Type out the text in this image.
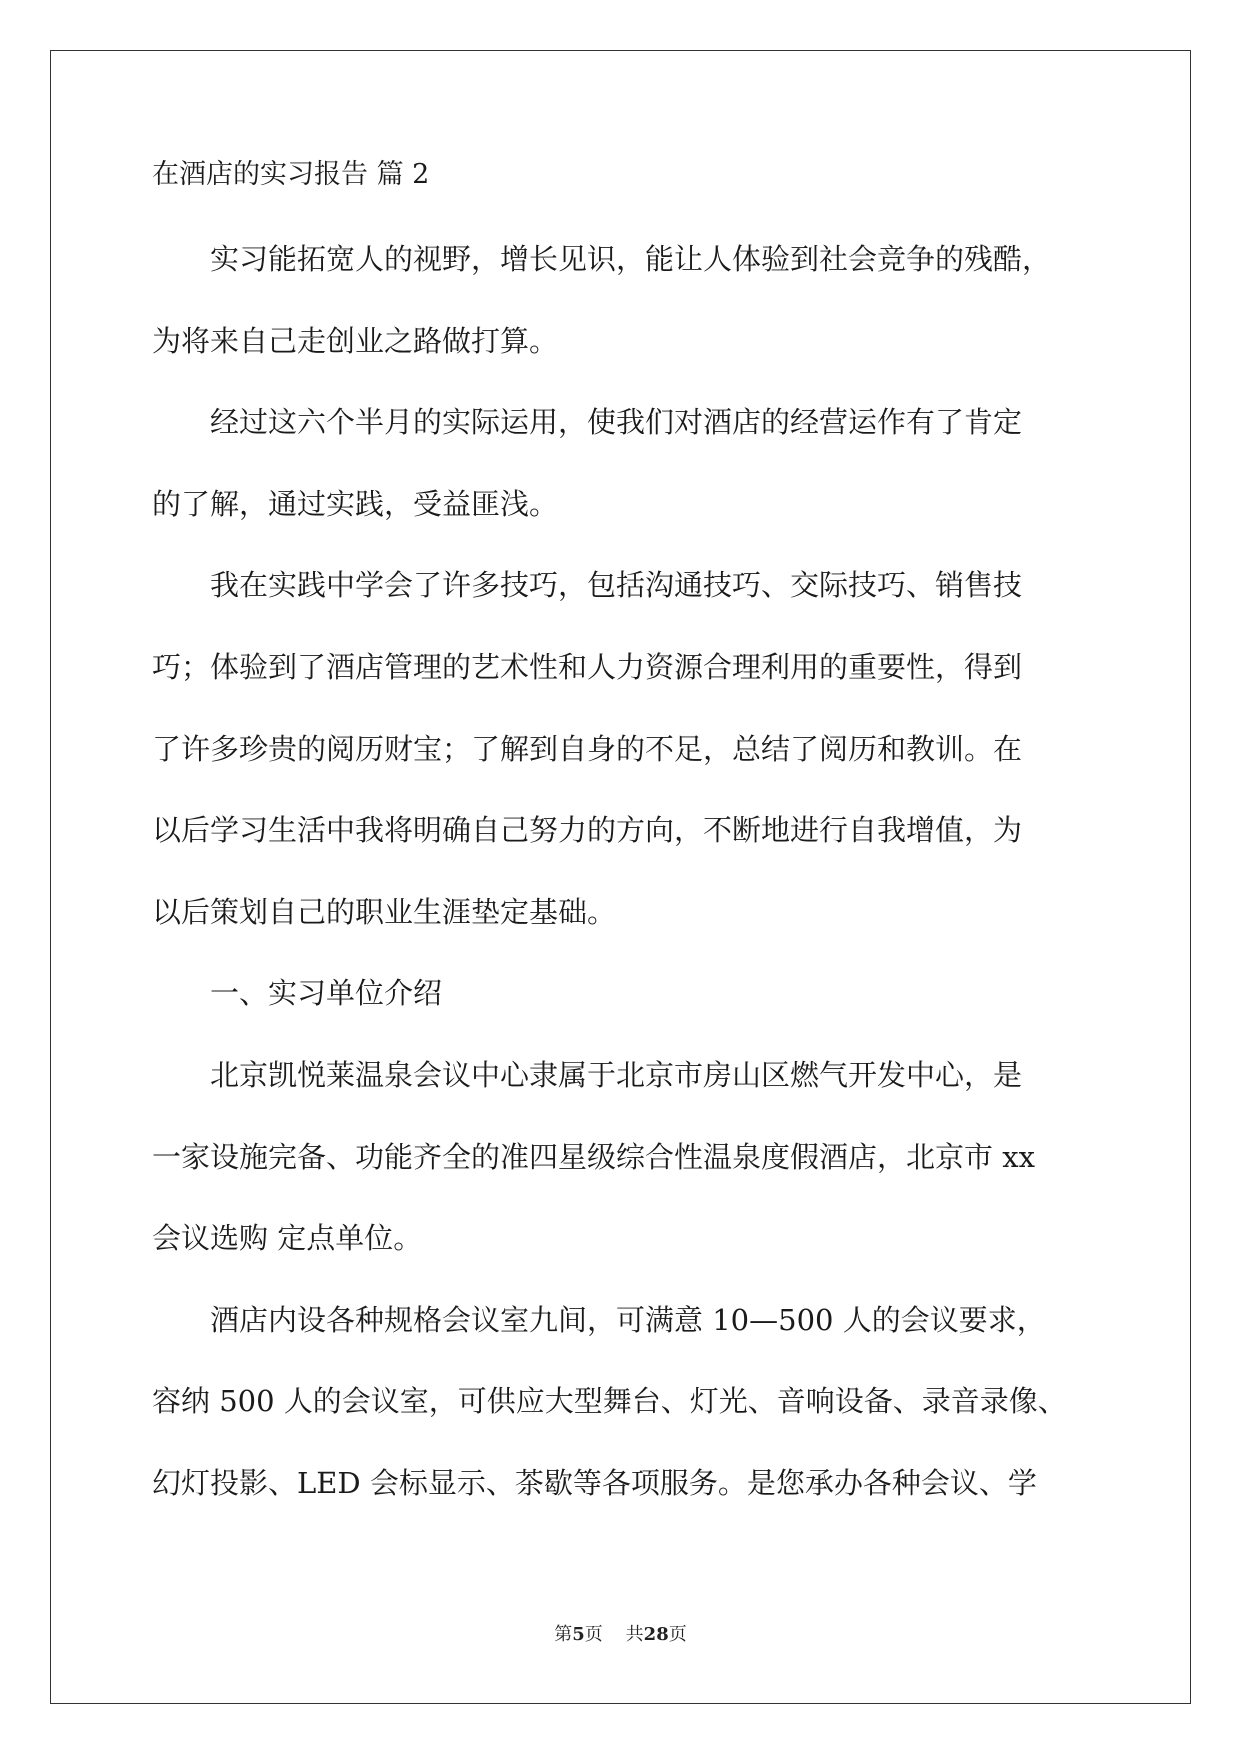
在酒店的实习报告 篇 2
实习能拓宽人的视野，增长见识，能让人体验到社会竞争的残酷，
为将来自己走创业之路做打算。
经过这六个半月的实际运用，使我们对酒店的经营运作有了肯定
的了解，通过实践，受益匪浅。
我在实践中学会了许多技巧，包括沟通技巧、交际技巧、销售技
巧；体验到了酒店管理的艺术性和人力资源合理利用的重要性，得到
了许多珍贵的阅历财宝；了解到自身的不足，总结了阅历和教训。在
以后学习生活中我将明确自己努力的方向，不断地进行自我增值，为
以后策划自己的职业生涯垫定基础。
一、实习单位介绍
北京凯悦莱温泉会议中心隶属于北京市房山区燃气开发中心，是
一家设施完备、功能齐全的准四星级综合性温泉度假酒店，北京市 xx
会议选购 定点单位。
酒店内设各种规格会议室九间，可满意 10—500 人的会议要求，
容纳 500 人的会议室，可供应大型舞台、灯光、音响设备、录音录像、
幻灯投影、LED 会标显示、茶歇等各项服务。是您承办各种会议、学
第5页 共28页
